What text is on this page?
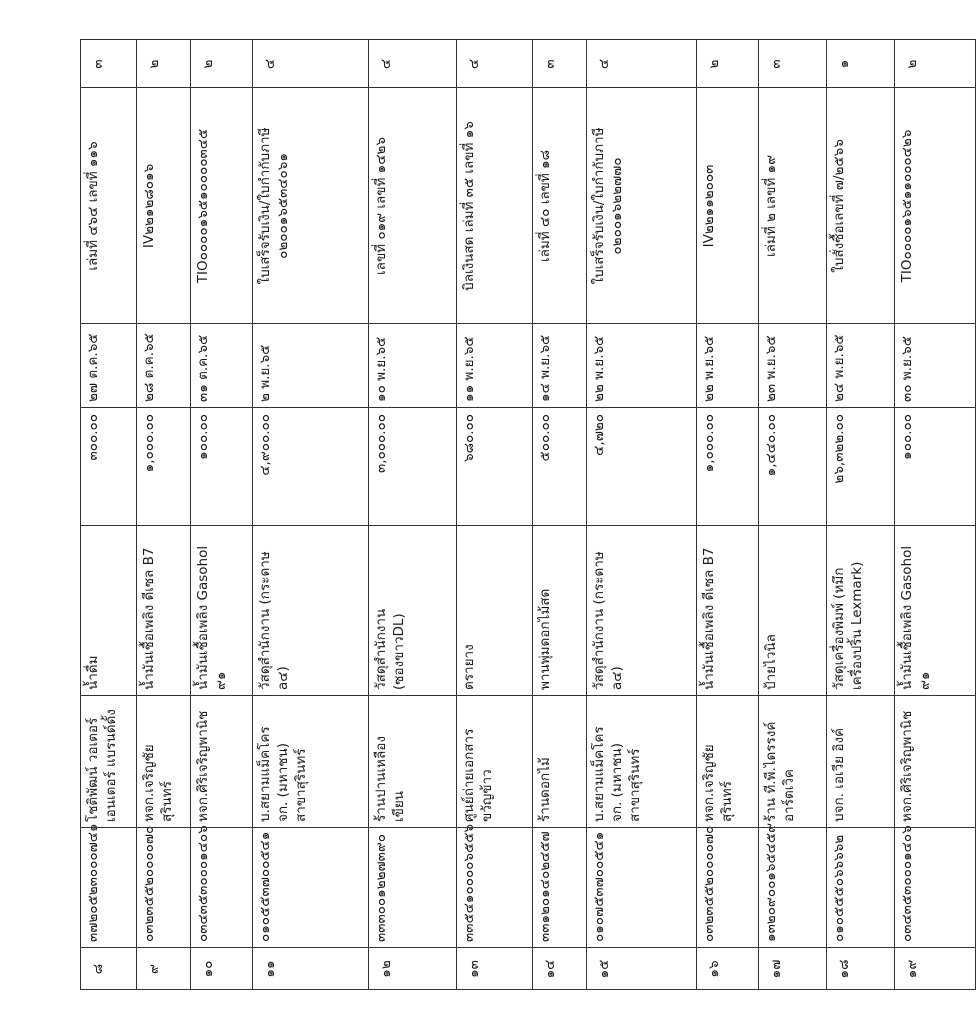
๘
๓๗๒๐๕๒๓๐๐๐๗๔๑
โชติพัฒน์ วอเตอร์
เอนเตอร์ แบรนด์ดั้ง
น้ำดื่ม
๓๐๐.๐๐
๒๗ ต.ค.๖๕
เล่มที่ ๔๖๔ เลขที่ ๑๑๖
๓
๙
๐๓๒๓๕๕๒๐๐๐๐๗๐
หจก.เจริญชัย
สุรินทร์
น้ำมันเชื้อเพลิง ดีเซล B7
๑,๐๐๐.๐๐
๒๘ ต.ค.๖๕
IV๒๒๑๒๘๐๑๖
๒
๑๐
๐๓๔๓๕๓๐๐๐๑๔๐๖
หจก.ศิริเจริญพานิช
น้ำมันเชื้อเพลิง Gasohol
๙๑
๑๐๐.๐๐
๓๑ ต.ค.๖๕
TIO๐๐๐๐๑๖๕๑๐๐๐๐๓๔๕
๒
๑๑
๐๑๐๕๕๓๗๐๐๕๔๑
บ.สยามแม็คโคร
จก. (มหาชน)
สาขาสุรินทร์
วัสดุสำนักงาน (กระดาษ a๔)
๔,๙๐๐.๐๐
๒ พ.ย.๖๕
ใบเสร็จรับเงิน/ใบกำกับภาษี
๐๒๐๐๑๖๕๓๔๐๖๑
๔
๑๒
๓๓๓๐๐๑๒๒๗๓๙๐
ร้านปานเหลือง
เขียน
วัสดุสำนักงาน
(ซองขาวDL)
๓,๐๐๐.๐๐
๑๐ พ.ย.๖๕
เลขที่ ๐๑๙ เลขที่ ๑๔๒๖
๔
๑๓
๓๓๕๔๑๐๐๐๐๖๕๕๖
ศูนย์ถ่ายเอกสาร
ขวัญข้าว
ตรายาง
๖๘๐.๐๐
๑๑ พ.ย.๖๕
บิลเงินสด เล่มที่ ๓๕ เลขที่ ๑๖
๔
๑๔
๓๓๑๒๐๑๔๐๒๔๕๗
ร้านดอกไม้
พานพุ่มดอกไม้สด
๕๐๐.๐๐
๑๔ พ.ย.๖๕
เล่มที่ ๔๐ เลขที่ ๑๘
๓
๑๕
๐๑๐๗๕๓๗๐๐๕๔๑
บ.สยามแม็คโคร
จก. (มหาชน)
สาขาสุรินทร์
วัสดุสำนักงาน (กระดาษ a๔)
๔,๗๒๐
๒๒ พ.ย.๖๕
ใบเสร็จรับเงิน/ใบกำกับภาษี
๐๒๐๐๑๖๒๒๗๗๐
๔
๑๖
๐๓๒๓๕๕๒๐๐๐๐๗๐
หจก.เจริญชัย
สุรินทร์
น้ำมันเชื้อเพลิง ดีเซล B7
๑,๐๐๐.๐๐
๒๒ พ.ย.๖๕
IV๒๒๑๑๒๐๐๓
๒
๑๗
๑๓๒๐๙๐๐๑๖๕๔๕๙
ร้าน ที.พี.ไดรรงค์
อาร์ตเวิค
ป้ายไวนิล
๑,๔๔๐.๐๐
๒๓ พ.ย.๖๕
เล่มที่ ๒ เลขที่ ๑๙
๓
๑๘
๐๑๐๕๕๕๐๖๖๖๖๒
บจก. เอเวีย อิงค์
วัสดุเครื่องพิมพ์ (หมึก
เครื่องปริ้น Lexmark)
๒๖,๓๒๒.๐๐
๒๔ พ.ย.๖๕
ใบสั่งซื้อเลขที่ ๗/๒๕๖๖
๑
๑๙
๐๓๔๓๕๓๐๐๐๑๔๐๖
หจก.ศิริเจริญพานิช
น้ำมันเชื้อเพลิง Gasohol
๙๑
๑๐๐.๐๐
๓๐ พ.ย.๖๕
TIO๐๐๐๐๑๖๕๑๑๐๐๐๔๒๖
๒
